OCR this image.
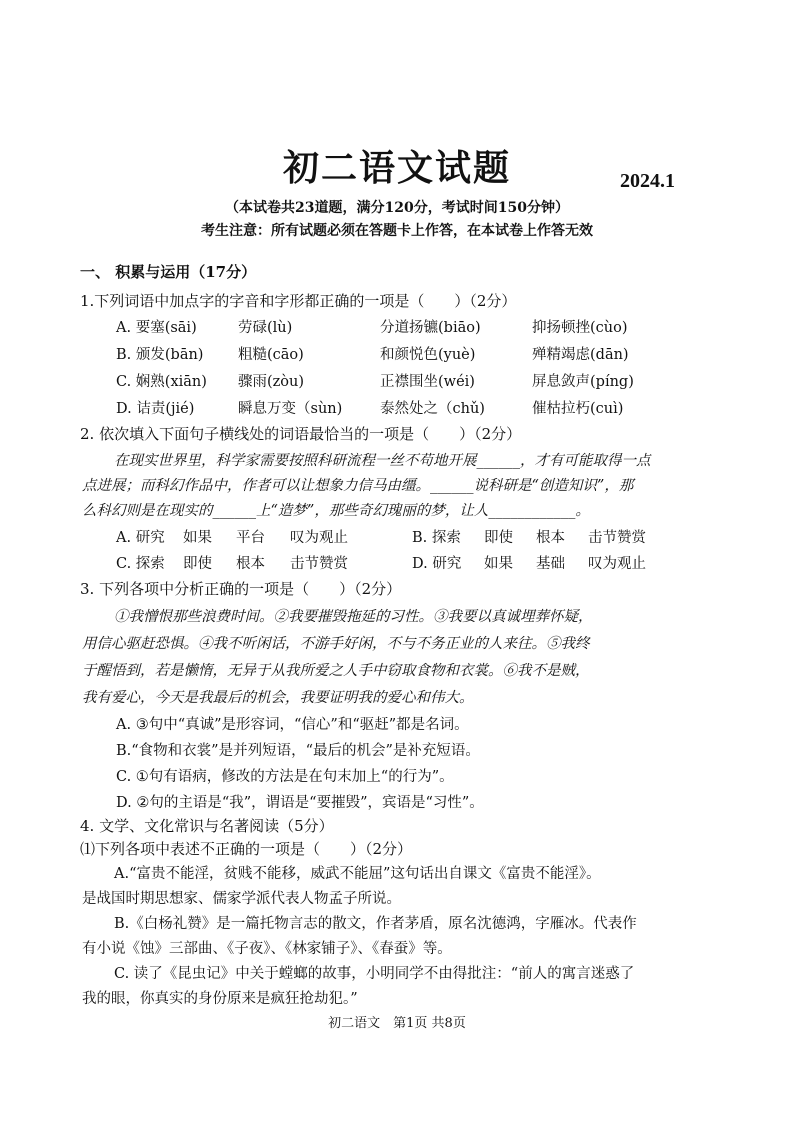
初二语文试题	2024.1
（本试卷共23道题，满分120分，考试时间150分钟）
考生注意：所有试题必须在答题卡上作答，在本试卷上作答无效
一、 积累与运用（17分）
1.下列词语中加点字的字音和字形都正确的一项是（　　）（2分）
A. 要塞(sāi)	劳碌(lù)	分道扬镳(biāo)	抑扬顿挫(cùo)
B. 颁发(bān) 粗糙(cāo)	和颜悦色(yuè)	殚精竭虑(dān)
C. 娴熟(xiān) 骤雨(zòu)	正襟围坐(wéi)	屏息敛声(píng)
D. 诘责(jié)	瞬息万变（sùn)	泰然处之（chǔ)	催枯拉朽(cuì)
2. 依次填入下面句子横线处的词语最恰当的一项是（　　）（2分）
在现实世界里，科学家需要按照科研流程一丝不苟地开展______，才有可能取得一点
点进展；而科幻作品中，作者可以让想象力信马由缰。______说科研是“创造知识”，那
么科幻则是在现实的______上“造梦”，那些奇幻瑰丽的梦，让人____________。
A. 研究 如果 平台 叹为观止	B. 探索 即使 根本 击节赞赏
C. 探索 即使 根本 击节赞赏	D. 研究 如果 基础 叹为观止
3. 下列各项中分析正确的一项是（　　）（2分）
①我憎恨那些浪费时间。②我要摧毁拖延的习性。③我要以真诚埋葬怀疑，
用信心驱赶恐惧。④我不听闲话，不游手好闲，不与不务正业的人来往。⑤我终
于醒悟到，若是懒惰，无异于从我所爱之人手中窃取食物和衣裳。⑥我不是贼，
我有爱心，今天是我最后的机会，我要证明我的爱心和伟大。
A. ③句中“真诚”是形容词，“信心”和“驱赶”都是名词。
B.“食物和衣裳”是并列短语，“最后的机会”是补充短语。
C. ①句有语病，修改的方法是在句末加上“的行为”。
D. ②句的主语是“我”，谓语是“要摧毁”，宾语是“习性”。
4. 文学、文化常识与名著阅读（5分）
⑴下列各项中表述不正确的一项是（　　）（2分）
A.“富贵不能淫，贫贱不能移，威武不能屈”这句话出自课文《富贵不能淫》。
是战国时期思想家、儒家学派代表人物孟子所说。
B.《白杨礼赞》是一篇托物言志的散文，作者茅盾，原名沈德鸿，字雁冰。代表作
有小说《蚀》三部曲、《子夜》、《林家铺子》、《春蚕》等。
C. 读了《昆虫记》中关于螳螂的故事，小明同学不由得批注：“前人的寓言迷惑了
我的眼，你真实的身份原来是疯狂抢劫犯。”
初二语文　第1页 共8页
